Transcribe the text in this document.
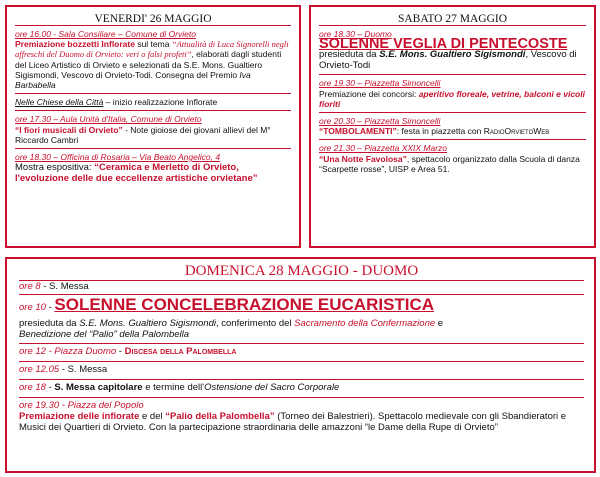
VENERDI' 26 MAGGIO

ore 16.00 - Sala Consiliare – Comune di Orvieto

Premiazione bozzetti Inflorate sul tema “Attualità di Luca Signorelli negli affreschi del Duomo di Orvieto: veri o falsi profeti”, elaborati dagli studenti del Liceo Artistico di Orvieto e selezionati da S.E. Mons. Gualtiero Sigismondi, Vescovo di Orvieto-Todi. Consegna del Premio Iva Barbabella

Nelle Chiese della Città – inizio realizzazione Inflorate

ore 17.30 – Aula Unità d'Italia, Comune di Orvieto

“I fiori musicali di Orvieto” - Note gioiose dei giovani allievi del M° Riccardo Cambri

ore 18.30 – Officina di Rosaria – Via Beato Angelico, 4

Mostra espositiva: “Ceramica e Merletto di Orvieto, l'evoluzione delle due eccellenze artistiche orvietane”

SABATO 27 MAGGIO

ore 18.30 – Duomo

SOLENNE VEGLIA DI PENTECOSTE

presieduta da S.E. Mons. Gualtiero Sigismondi, Vescovo di Orvieto-Todi

ore 19.30 – Piazzetta Simoncelli

Premiazione dei concorsi: aperitivo floreale, vetrine, balconi e vicoli fioriti

ore 20.30 – Piazzetta Simoncelli

“TOMBOLAMENTI”: festa in piazzetta con RadioOrvietoWeb

ore 21.30 – Piazzetta XXIX Marzo

“Una Notte Favolosa”, spettacolo organizzato dalla Scuola di danza “Scarpette rosse”, UISP e Area 51.

DOMENICA 28 MAGGIO - DUOMO
ore 8 - S. Messa

ore 10 - SOLENNE CONCELEBRAZIONE EUCARISTICA

presieduta da S.E. Mons. Gualtiero Sigismondi, conferimento del Sacramento della Confermazione e

Benedizione del “Palio” della Palombella

ore 12 - Piazza Duomo - Discesa della Palombella
ore 12.05 - S. Messa
ore 18 - S. Messa capitolare e termine dell'Ostensione del Sacro Corporale

ore 19.30 - Piazza del Popolo

Premiazione delle infiorate e del “Palio della Palombella” (Torneo dei Balestrieri). Spettacolo medievale con gli Sbandieratori e Musici dei Quartieri di Orvieto. Con la partecipazione straordinaria delle amazzoni “le Dame della Rupe di Orvieto”
